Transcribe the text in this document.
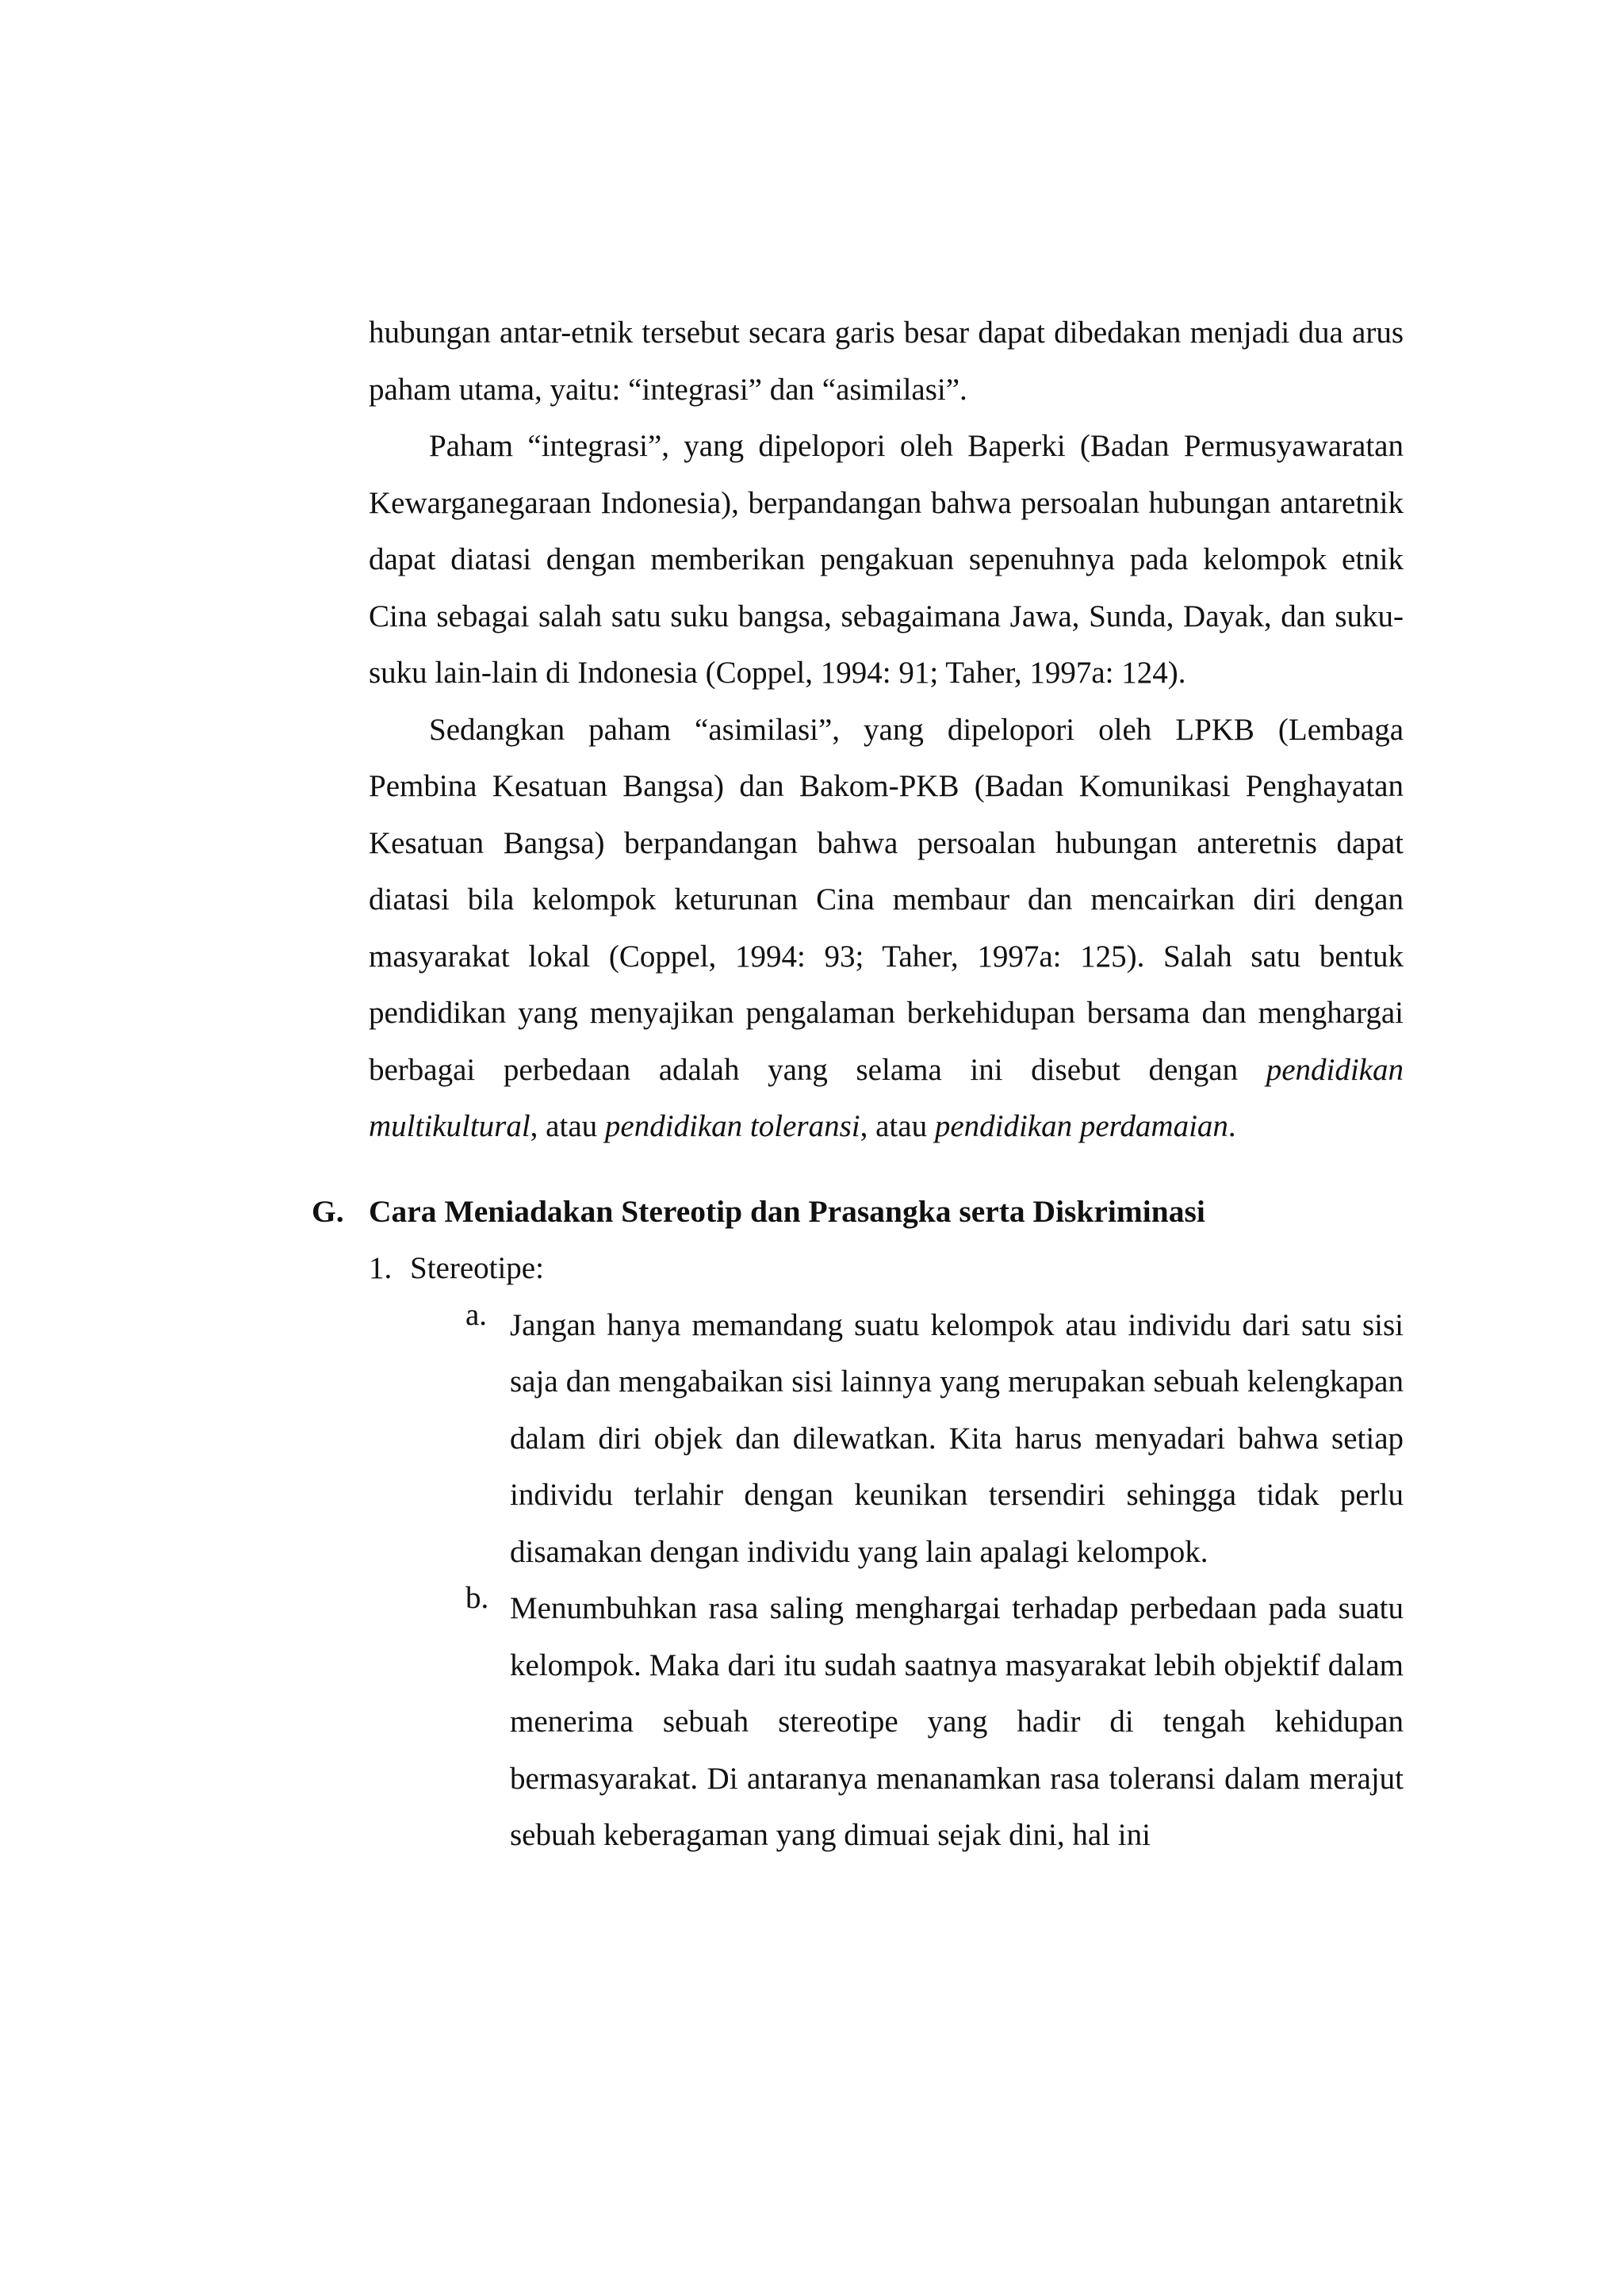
hubungan antar-etnik tersebut secara garis besar dapat dibedakan menjadi dua arus paham utama, yaitu: “integrasi” dan “asimilasi”.

Paham “integrasi”, yang dipelopori oleh Baperki (Badan Permusyawaratan Kewarganegaraan Indonesia), berpandangan bahwa persoalan hubungan antaretnik dapat diatasi dengan memberikan pengakuan sepenuhnya pada kelompok etnik Cina sebagai salah satu suku bangsa, sebagaimana Jawa, Sunda, Dayak, dan suku-suku lain-lain di Indonesia (Coppel, 1994: 91; Taher, 1997a: 124).

Sedangkan paham “asimilasi”, yang dipelopori oleh LPKB (Lembaga Pembina Kesatuan Bangsa) dan Bakom-PKB (Badan Komunikasi Penghayatan Kesatuan Bangsa) berpandangan bahwa persoalan hubungan anteretnis dapat diatasi bila kelompok keturunan Cina membaur dan mencairkan diri dengan masyarakat lokal (Coppel, 1994: 93; Taher, 1997a: 125). Salah satu bentuk pendidikan yang menyajikan pengalaman berkehidupan bersama dan menghargai berbagai perbedaan adalah yang selama ini disebut dengan pendidikan multikultural, atau pendidikan toleransi, atau pendidikan perdamaian.

G. Cara Meniadakan Stereotip dan Prasangka serta Diskriminasi
1. Stereotipe:
a. Jangan hanya memandang suatu kelompok atau individu dari satu sisi saja dan mengabaikan sisi lainnya yang merupakan sebuah kelengkapan dalam diri objek dan dilewatkan. Kita harus menyadari bahwa setiap individu terlahir dengan keunikan tersendiri sehingga tidak perlu disamakan dengan individu yang lain apalagi kelompok.

b. Menumbuhkan rasa saling menghargai terhadap perbedaan pada suatu kelompok. Maka dari itu sudah saatnya masyarakat lebih objektif dalam menerima sebuah stereotipe yang hadir di tengah kehidupan bermasyarakat. Di antaranya menanamkan rasa toleransi dalam merajut sebuah keberagaman yang dimuai sejak dini, hal ini
